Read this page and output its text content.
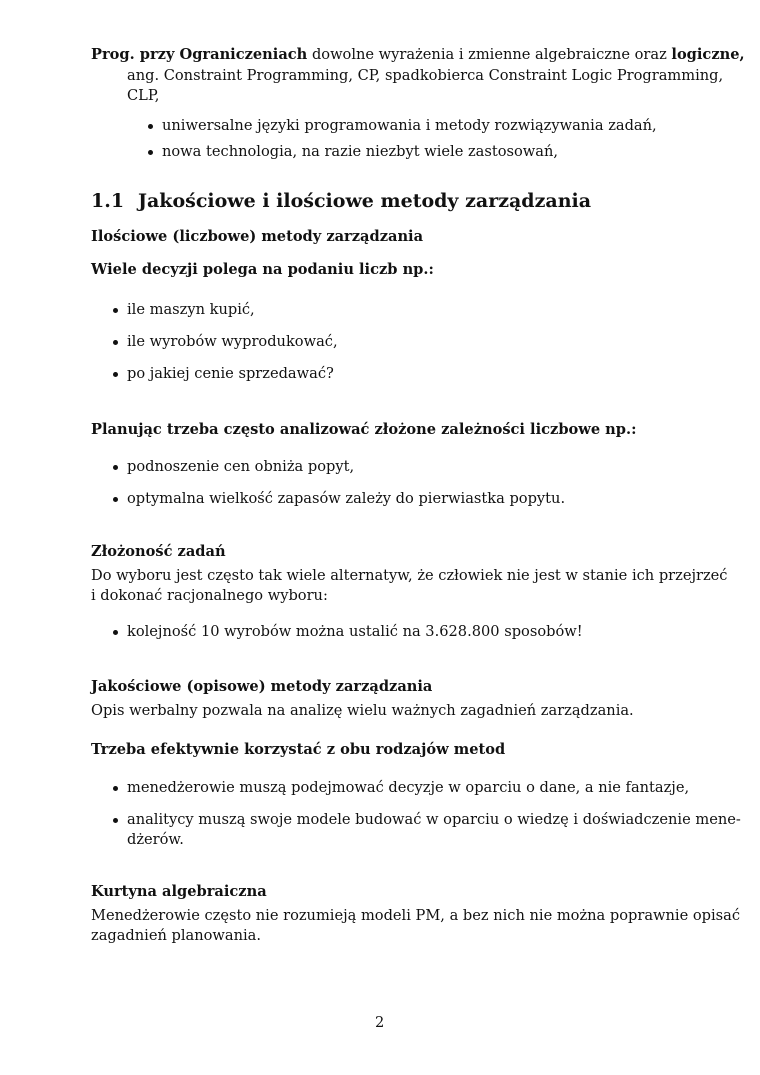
Prog. przy Ograniczeniach dowolne wyrażenia i zmienne algebraiczne oraz logiczne,
ang. Constraint Programming, CP, spadkobierca Constraint Logic Programming,
CLP,
uniwersalne języki programowania i metody rozwiązywania zadań,
nowa technologia, na razie niezbyt wiele zastosowań,
1.1 Jakościowe i ilościowe metody zarządzania
Ilościowe (liczbowe) metody zarządzania
Wiele decyzji polega na podaniu liczb np.:
ile maszyn kupić,
ile wyrobów wyprodukować,
po jakiej cenie sprzedawać?
Planując trzeba często analizować złożone zależności liczbowe np.:
podnoszenie cen obniża popyt,
optymalna wielkość zapasów zależy do pierwiastka popytu.
Złożoność zadań
Do wyboru jest często tak wiele alternatyw, że człowiek nie jest w stanie ich przejrzeć
i dokonać racjonalnego wyboru:
kolejność 10 wyrobów można ustalić na 3.628.800 sposobów!
Jakościowe (opisowe) metody zarządzania
Opis werbalny pozwala na analizę wielu ważnych zagadnień zarządzania.
Trzeba efektywnie korzystać z obu rodzajów metod
menedżerowie muszą podejmować decyzje w oparciu o dane, a nie fantazje,
analitycy muszą swoje modele budować w oparciu o wiedzę i doświadczenie mene-
dżerów.
Kurtyna algebraiczna
Menedżerowie często nie rozumieją modeli PM, a bez nich nie można poprawnie opisać
zagadnień planowania.
2
